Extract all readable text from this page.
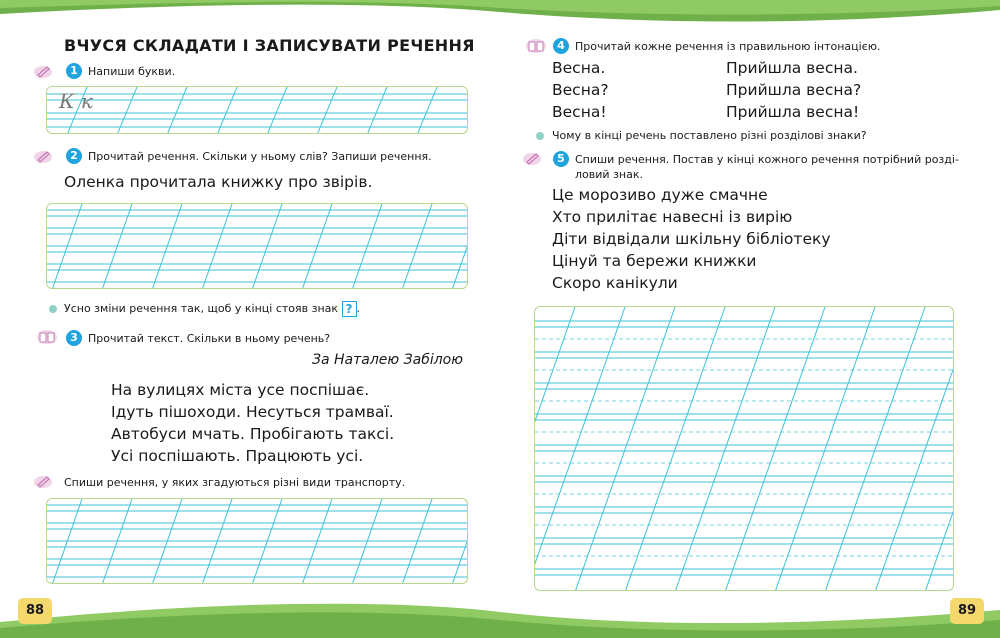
ВЧУСЯ СКЛАДАТИ І ЗАПИСУВАТИ РЕЧЕННЯ
1 Напиши букви.
К к
2 Прочитай речення. Скільки у ньому слів? Запиши речення.
Оленка прочитала книжку про звірів.
Усно зміни речення так, щоб у кінці стояв знак ? .
3 Прочитай текст. Скільки в ньому речень?
За Наталею Забілою
На вулицях міста усе поспішає.
Ідуть пішоходи. Несуться трамваї.
Автобуси мчать. Пробігають таксі.
Усі поспішають. Працюють усі.
Спиши речення, у яких згадуються різні види транспорту.
88
4 Прочитай кожне речення із правильною інтонацією.
Весна.
Весна?
Весна!
Прийшла весна.
Прийшла весна?
Прийшла весна!
Чому в кінці речень поставлено різні розділові знаки?
5 Спиши речення. Постав у кінці кожного речення потрібний розді-
ловий знак.
Це морозиво дуже смачне
Хто прилітає навесні із вирію
Діти відвідали шкільну бібліотеку
Цінуй та бережи книжки
Скоро канікули
89
